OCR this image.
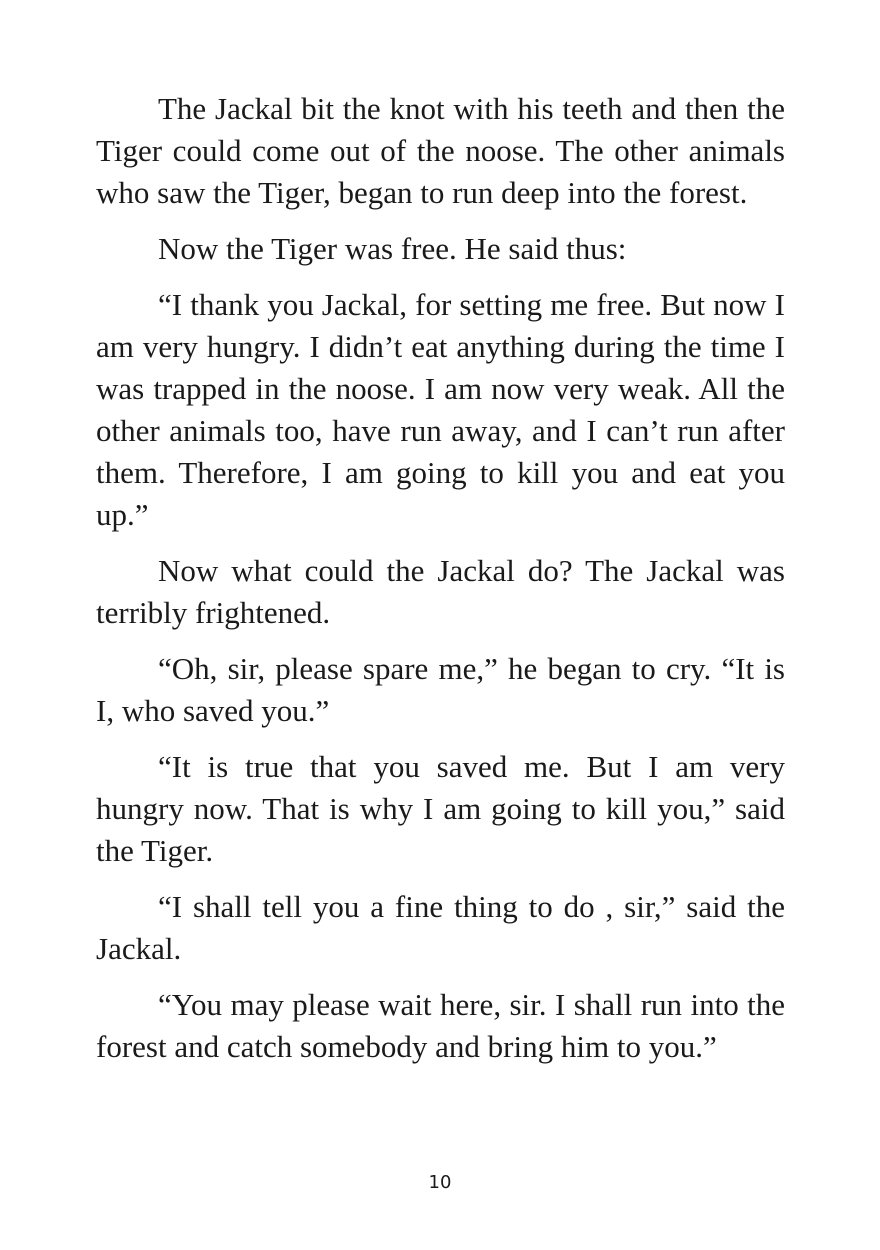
The Jackal bit the knot with his teeth and then the Tiger could come out of the noose. The other animals who saw the Tiger, began to run deep into the forest.

Now the Tiger was free. He said thus:

“I thank you Jackal, for setting me free. But now I am very hungry. I didn’t eat anything during the time I was trapped in the noose. I am now very weak. All the other animals too, have run away, and I can’t run after them. Therefore, I am going to kill you and eat you up.”

Now what could the Jackal do? The Jackal was terribly frightened.

“Oh, sir, please spare me,” he began to cry. “It is I, who saved you.”

“It is true that you saved me. But I am very hungry now. That is why I am going to kill you,” said the Tiger.

“I shall tell you a fine thing to do , sir,” said the Jackal.

“You may please wait here, sir. I shall run into the forest and catch somebody and bring him to you.”

10
